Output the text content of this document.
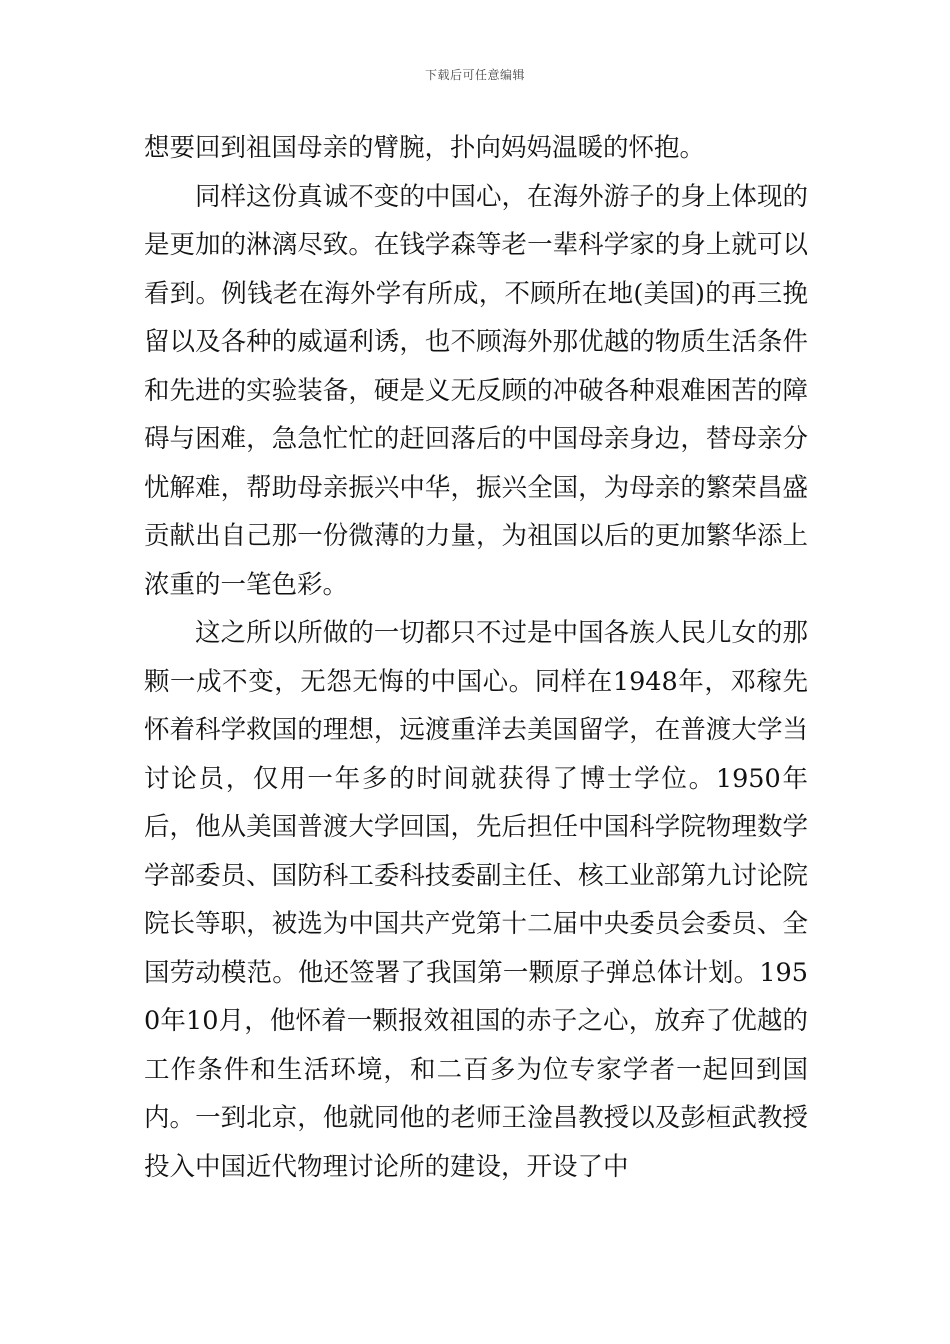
下载后可任意编辑

想要回到祖国母亲的臂腕，扑向妈妈温暖的怀抱。

同样这份真诚不变的中国心，在海外游子的身上体现的是更加的淋漓尽致。在钱学森等老一辈科学家的身上就可以看到。例钱老在海外学有所成，不顾所在地(美国)的再三挽留以及各种的威逼利诱，也不顾海外那优越的物质生活条件和先进的实验装备，硬是义无反顾的冲破各种艰难困苦的障碍与困难，急急忙忙的赶回落后的中国母亲身边，替母亲分忧解难，帮助母亲振兴中华，振兴全国，为母亲的繁荣昌盛贡献出自己那一份微薄的力量，为祖国以后的更加繁华添上浓重的一笔色彩。

这之所以所做的一切都只不过是中国各族人民儿女的那颗一成不变，无怨无悔的中国心。同样在1948年，邓稼先怀着科学救国的理想，远渡重洋去美国留学，在普渡大学当讨论员，仅用一年多的时间就获得了博士学位。1950年后，他从美国普渡大学回国，先后担任中国科学院物理数学学部委员、国防科工委科技委副主任、核工业部第九讨论院院长等职，被选为中国共产党第十二届中央委员会委员、全国劳动模范。他还签署了我国第一颗原子弹总体计划。1950年10月，他怀着一颗报效祖国的赤子之心，放弃了优越的工作条件和生活环境，和二百多为位专家学者一起回到国内。一到北京，他就同他的老师王淦昌教授以及彭桓武教授投入中国近代物理讨论所的建设，开设了中
